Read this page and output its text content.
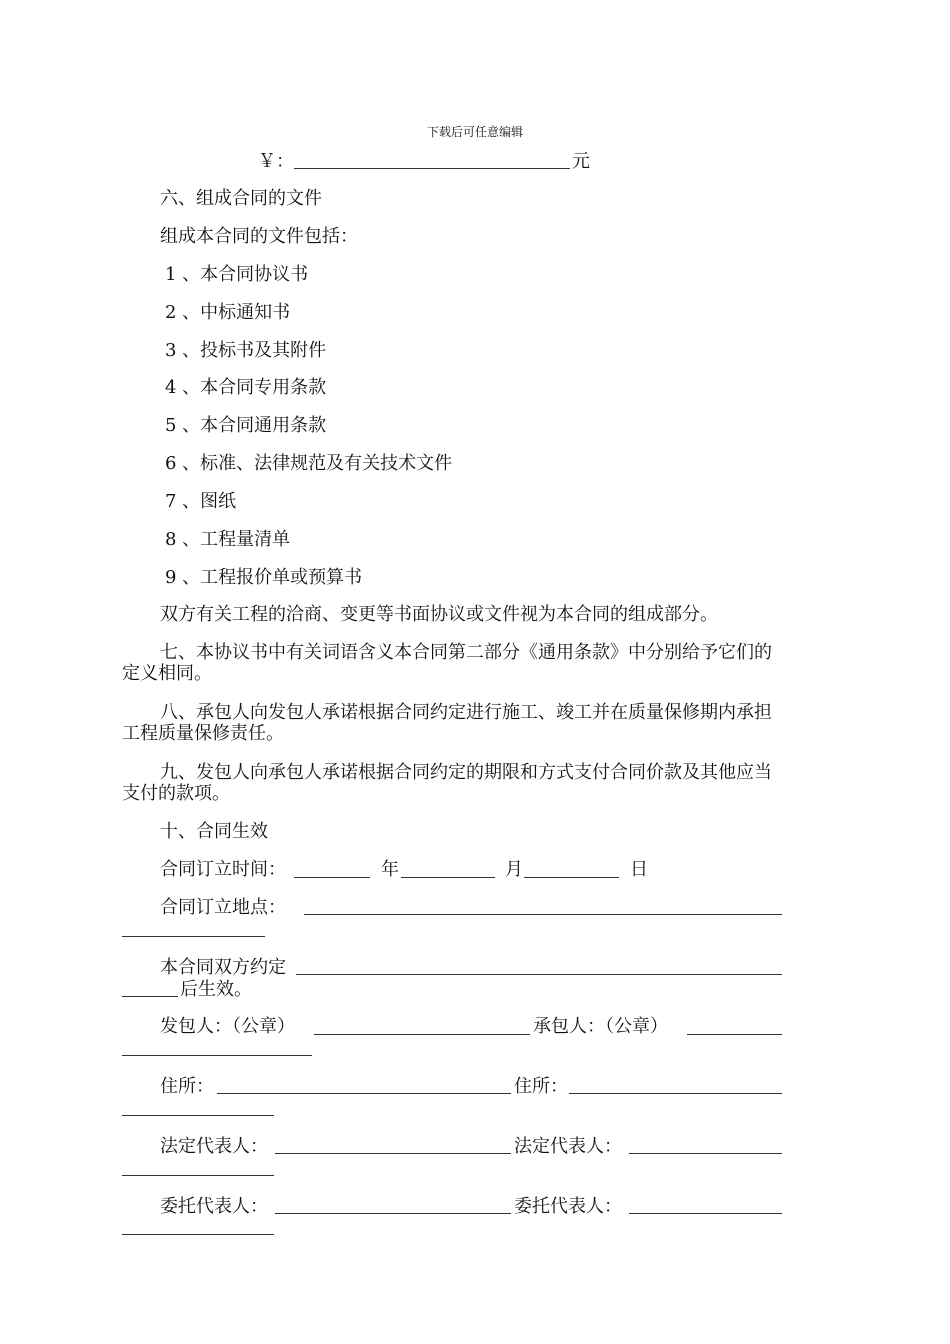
下载后可任意编辑
￥：	元
六、组成合同的文件
组成本合同的文件包括：
1 、本合同协议书
2 、中标通知书
3 、投标书及其附件
4 、本合同专用条款
5 、本合同通用条款
6 、标准、法律规范及有关技术文件
7 、图纸
8 、工程量清单
9 、工程报价单或预算书
双方有关工程的洽商、变更等书面协议或文件视为本合同的组成部分。
七、本协议书中有关词语含义本合同第二部分《通用条款》中分别给予它们的定义相同。
八、承包人向发包人承诺根据合同约定进行施工、竣工并在质量保修期内承担工程质量保修责任。
九、发包人向承包人承诺根据合同约定的期限和方式支付合同价款及其他应当支付的款项。
十、合同生效
合同订立时间：	年	月	日
合同订立地点：
本合同双方约定
后生效。
发包人：（公章）	承包人：（公章）
住所：	住所：
法定代表人：	法定代表人：
委托代表人：	委托代表人：
